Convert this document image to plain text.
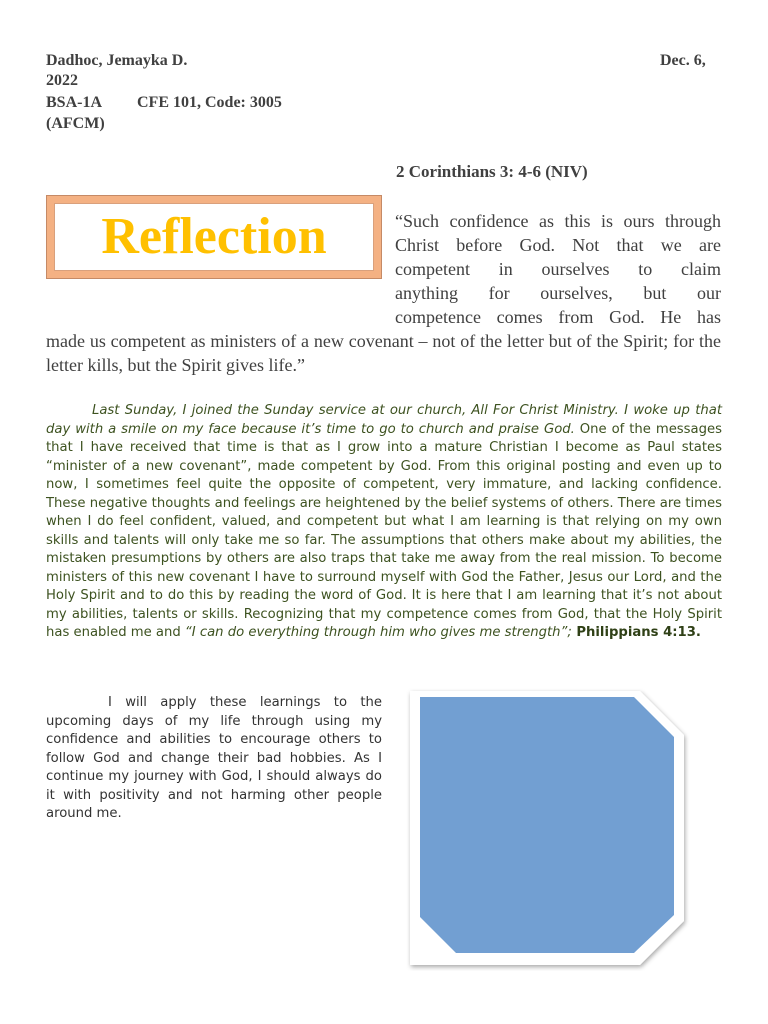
Dadhoc, Jemayka D.	Dec. 6,
2022
BSA-1A CFE 101, Code: 3005
(AFCM)
2 Corinthians 3: 4-6 (NIV)
Reflection	“Such confidence as this is ours through
Christ before God. Not that we are
competent in ourselves to claim
anything for ourselves, but our
competence comes from God. He has
made us competent as ministers of a new covenant – not of the letter but of the Spirit; for the letter kills, but the Spirit gives life.”
Last Sunday, I joined the Sunday service at our church, All For Christ Ministry. I woke up that day with a smile on my face because it’s time to go to church and praise God. One of the messages that I have received that time is that as I grow into a mature Christian I become as Paul states “minister of a new covenant”, made competent by God. From this original posting and even up to now, I sometimes feel quite the opposite of competent, very immature, and lacking confidence. These negative thoughts and feelings are heightened by the belief systems of others. There are times when I do feel confident, valued, and competent but what I am learning is that relying on my own skills and talents will only take me so far. The assumptions that others make about my abilities, the mistaken presumptions by others are also traps that take me away from the real mission. To become ministers of this new covenant I have to surround myself with God the Father, Jesus our Lord, and the Holy Spirit and to do this by reading the word of God. It is here that I am learning that it’s not about my abilities, talents or skills. Recognizing that my competence comes from God, that the Holy Spirit has enabled me and “I can do everything through him who gives me strength”; Philippians 4:13.
I will apply these learnings to the upcoming days of my life through using my confidence and abilities to encourage others to follow God and change their bad hobbies. As I continue my journey with God, I should always do it with positivity and not harming other people around me.
